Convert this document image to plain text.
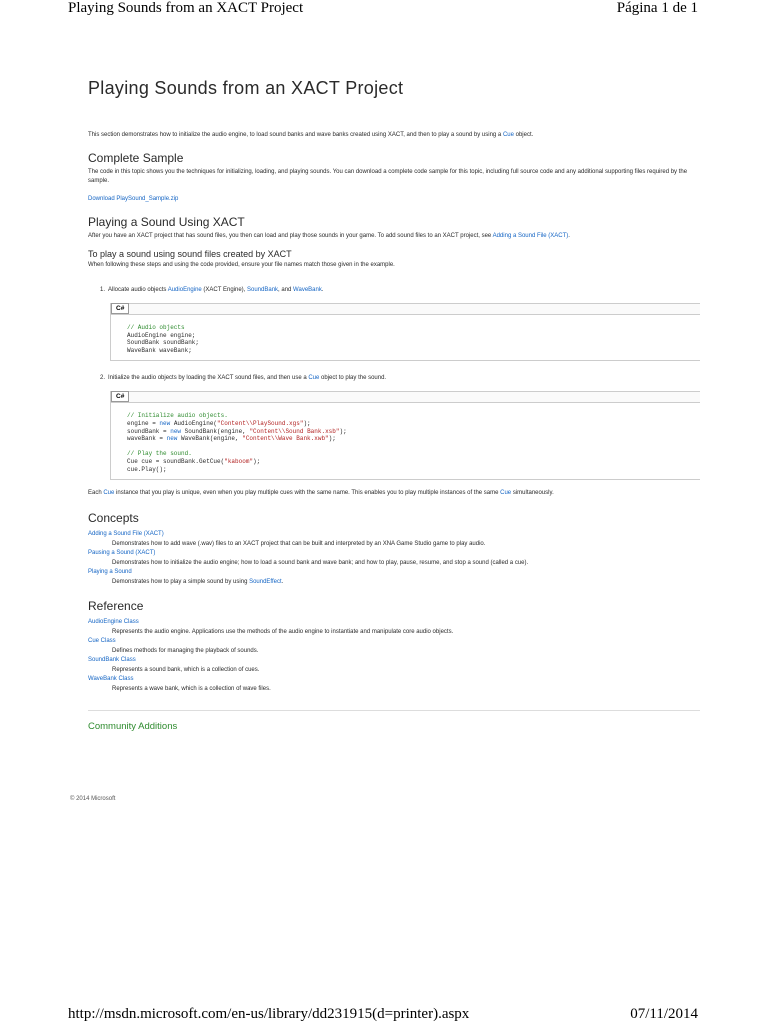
Playing Sounds from an XACT Project	Página 1 de 1
Playing Sounds from an XACT Project

This section demonstrates how to initialize the audio engine, to load sound banks and wave banks created using XACT, and then to play a sound by using a Cue object.

Complete Sample

The code in this topic shows you the techniques for initializing, loading, and playing sounds. You can download a complete code sample for this topic, including full source code and any additional supporting files required by the sample.

Download PlaySound_Sample.zip

Playing a Sound Using XACT

After you have an XACT project that has sound files, you then can load and play those sounds in your game. To add sound files to an XACT project, see Adding a Sound File (XACT).

To play a sound using sound files created by XACT

When following these steps and using the code provided, ensure your file names match those given in the example.

1. Allocate audio objects AudioEngine (XACT Engine), SoundBank, and WaveBank.
C#
// Audio objects
AudioEngine engine;
SoundBank soundBank;
WaveBank waveBank;
2. Initialize the audio objects by loading the XACT sound files, and then use a Cue object to play the sound.
C#
// Initialize audio objects.
engine = new AudioEngine("Content\\PlaySound.xgs");
soundBank = new SoundBank(engine, "Content\\Sound Bank.xsb");
waveBank = new WaveBank(engine, "Content\\Wave Bank.xwb");

// Play the sound.
Cue cue = soundBank.GetCue("kaboom");
cue.Play();

Each Cue instance that you play is unique, even when you play multiple cues with the same name. This enables you to play multiple instances of the same Cue simultaneously.

Concepts
Adding a Sound File (XACT)
Demonstrates how to add wave (.wav) files to an XACT project that can be built and interpreted by an XNA Game Studio game to play audio.
Pausing a Sound (XACT)
Demonstrates how to initialize the audio engine; how to load a sound bank and wave bank; and how to play, pause, resume, and stop a sound (called a cue).
Playing a Sound
Demonstrates how to play a simple sound by using SoundEffect.
Reference
AudioEngine Class
Represents the audio engine. Applications use the methods of the audio engine to instantiate and manipulate core audio objects.
Cue Class
Defines methods for managing the playback of sounds.
SoundBank Class
Represents a sound bank, which is a collection of cues.
WaveBank Class
Represents a wave bank, which is a collection of wave files.
Community Additions
© 2014 Microsoft
http://msdn.microsoft.com/en-us/library/dd231915(d=printer).aspx	07/11/2014
